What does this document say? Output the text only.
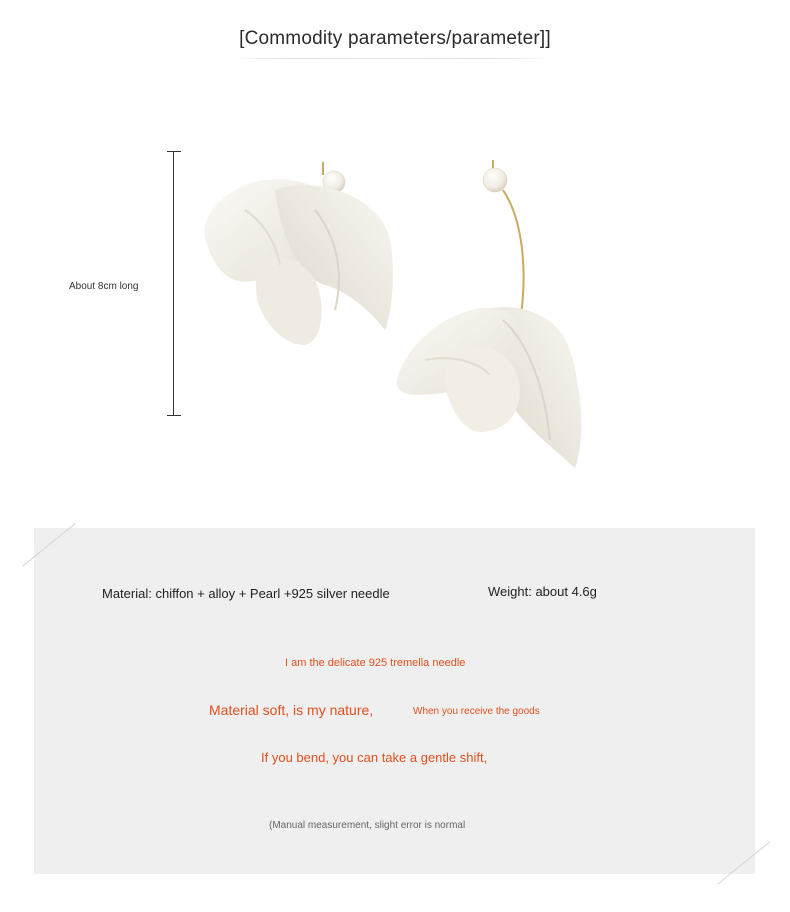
[Commodity parameters/parameter]]
About 8cm long
Material: chiffon + alloy + Pearl +925 silver needle	Weight: about 4.6g
I am the delicate 925 tremella needle
Material soft, is my nature,	When you receive the goods
If you bend, you can take a gentle shift,
(Manual measurement, slight error is normal
